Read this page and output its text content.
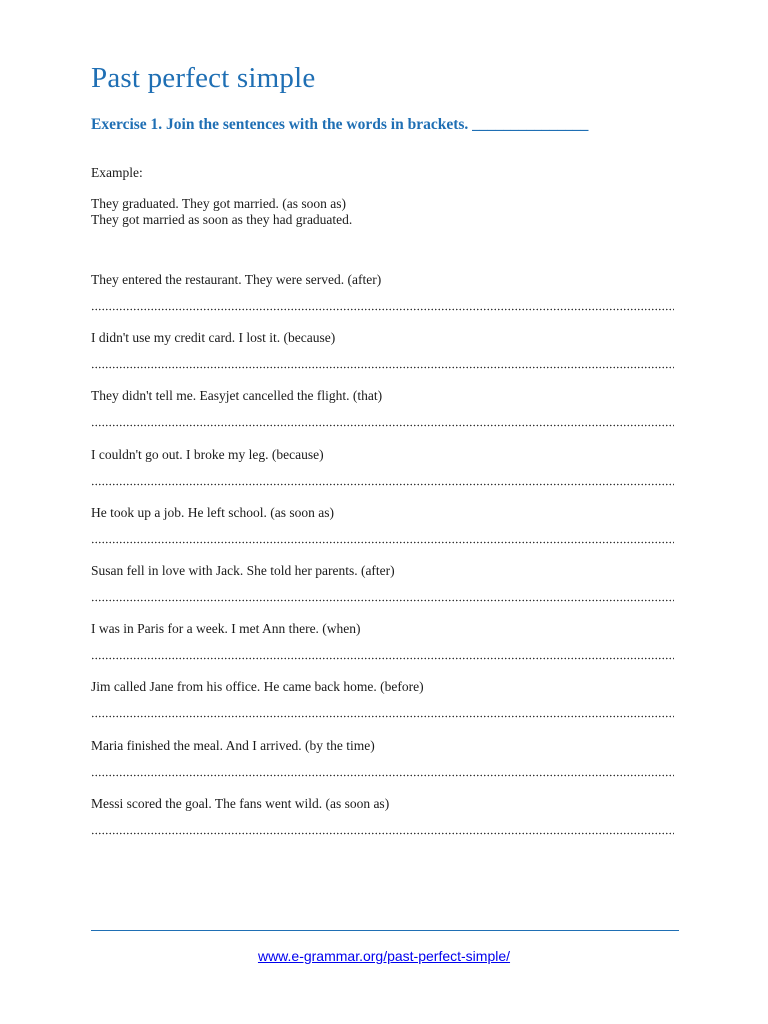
Past perfect simple
Exercise 1. Join the sentences with the words in brackets. _______________
Example:
They graduated. They got married. (as soon as)
They got married as soon as they had graduated.
They entered the restaurant. They were served. (after)
I didn't use my credit card. I lost it. (because)
They didn't tell me. Easyjet cancelled the flight. (that)
I couldn't go out. I broke my leg. (because)
He took up a job. He left school. (as soon as)
Susan fell in love with Jack. She told her parents. (after)
I was in Paris for a week. I met Ann there. (when)
Jim called Jane from his office. He came back home. (before)
Maria finished the meal. And I arrived. (by the time)
Messi scored the goal. The fans went wild. (as soon as)
www.e-grammar.org/past-perfect-simple/
